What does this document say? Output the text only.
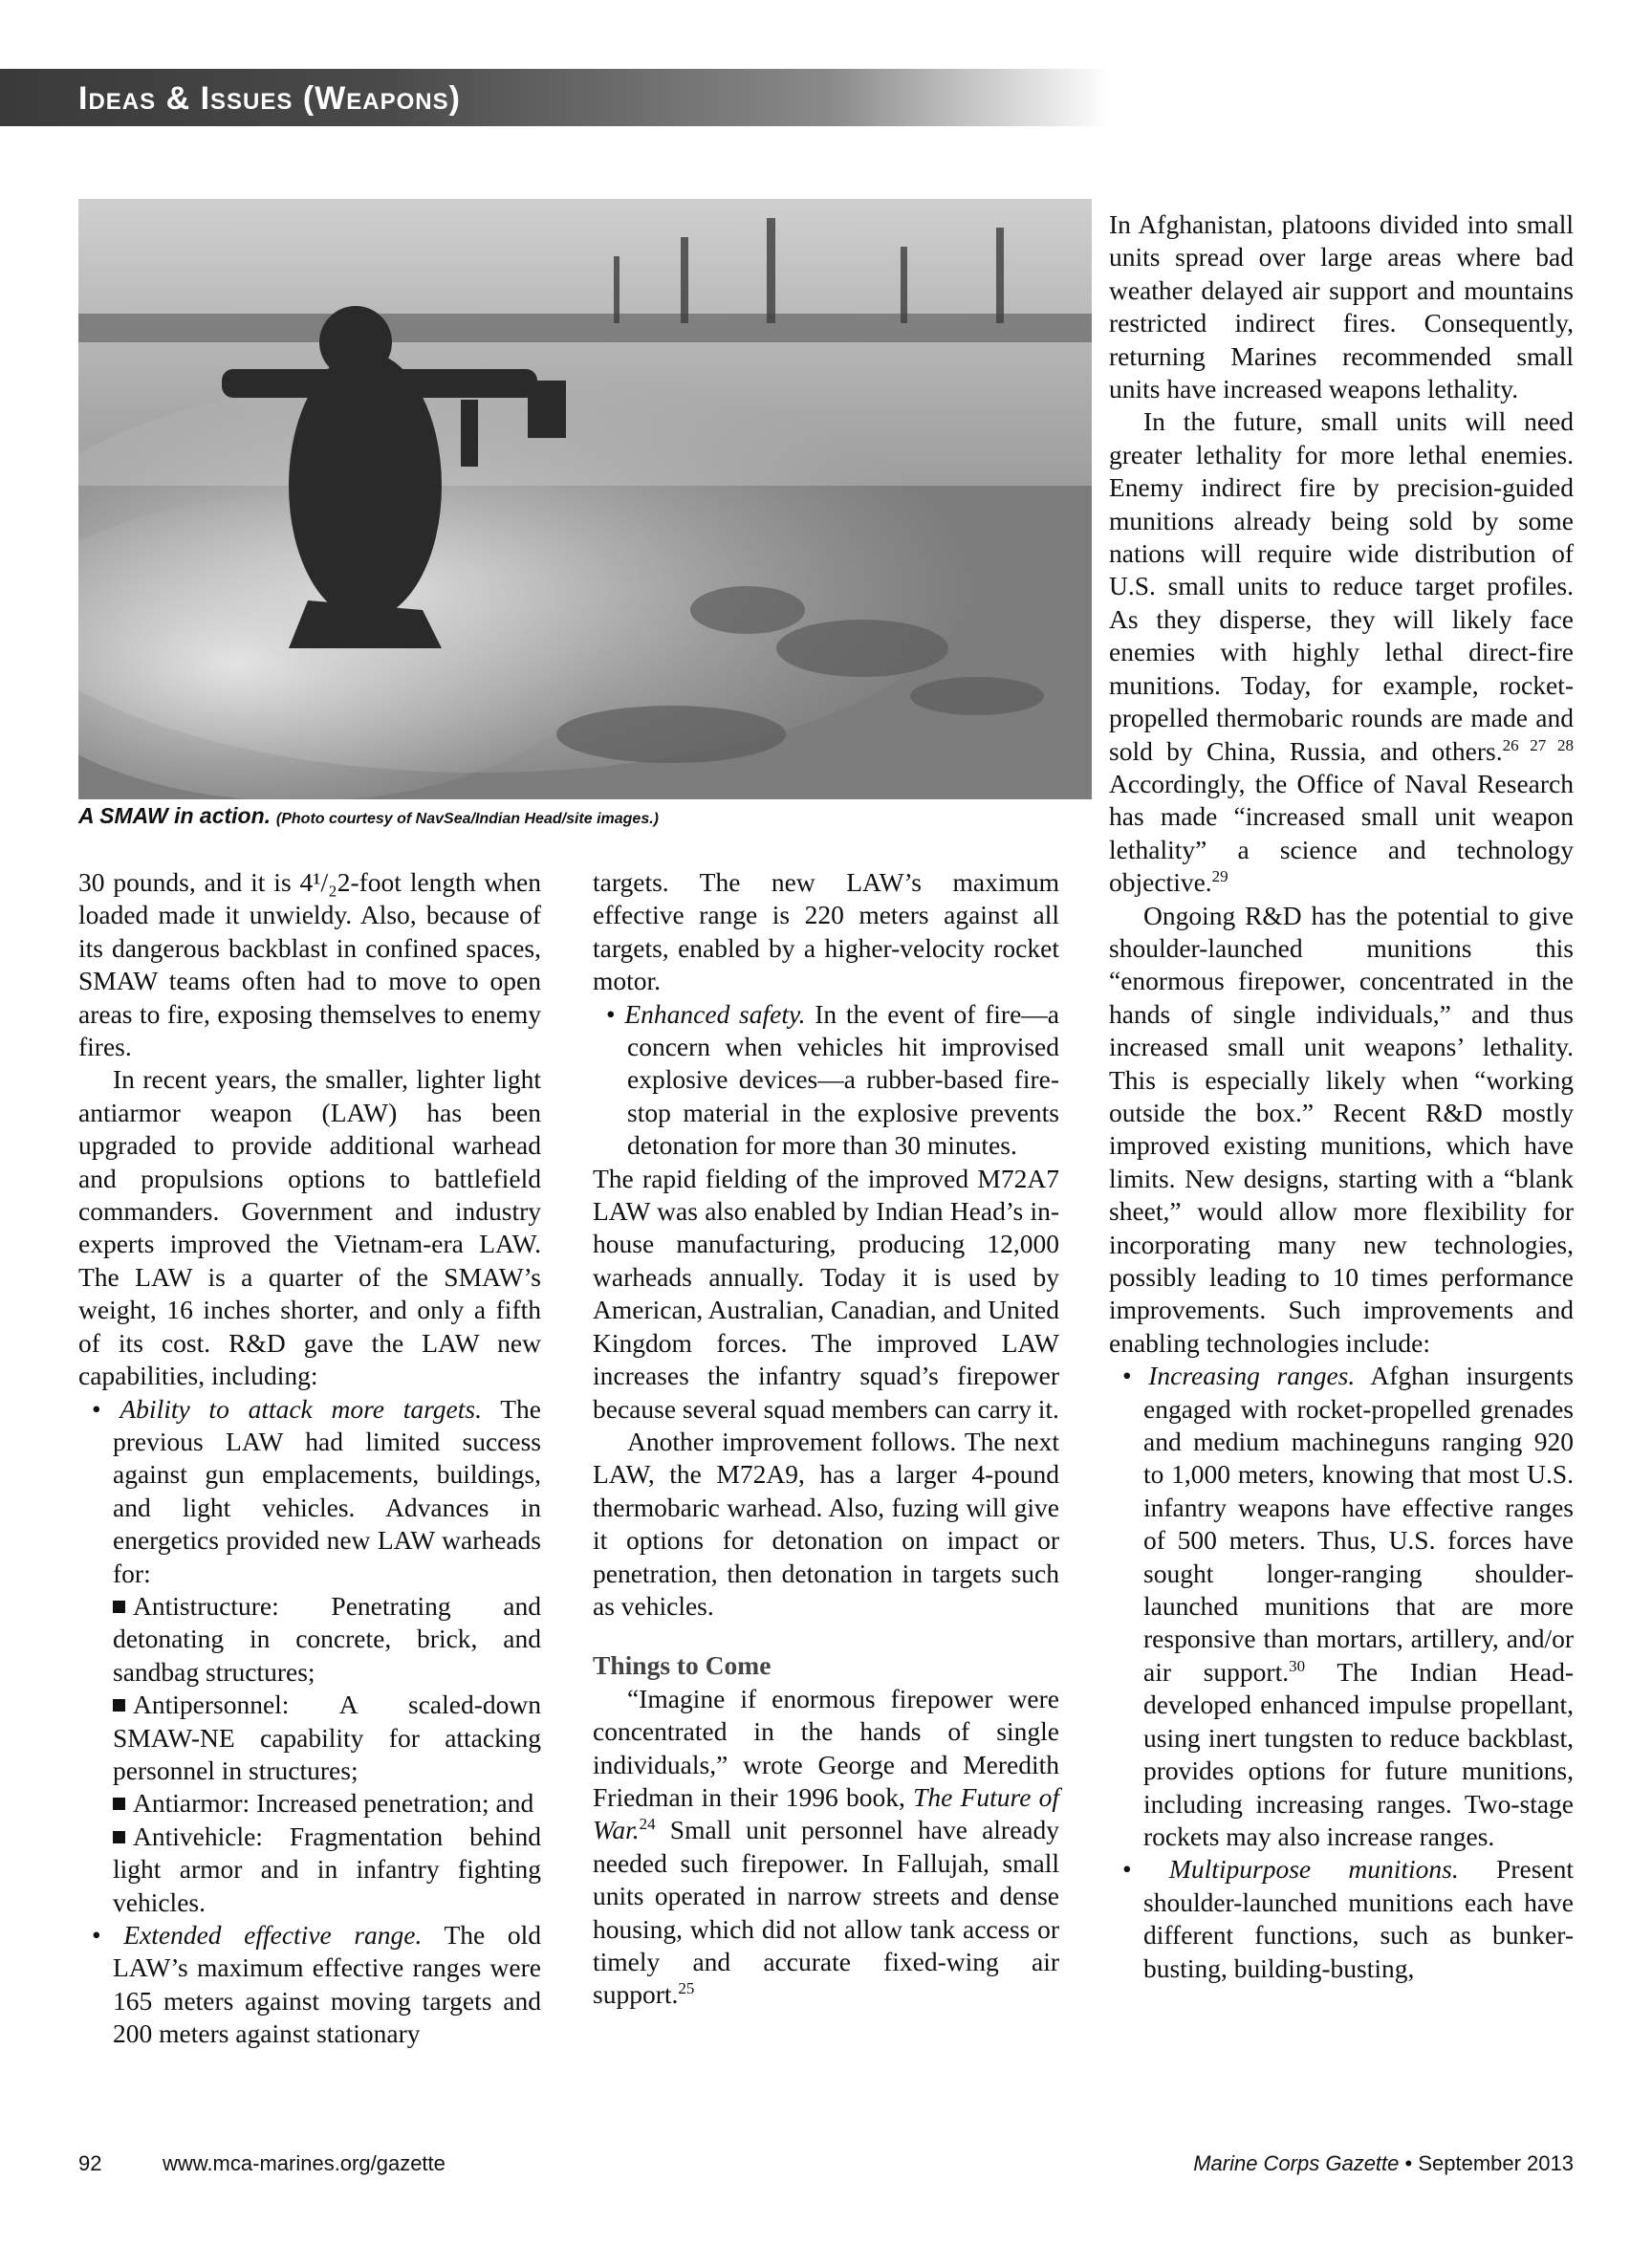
Ideas & Issues (Weapons)
A SMAW in action. (Photo courtesy of NavSea/Indian Head/site images.)

30 pounds, and it is 4¹/₂2-foot length when loaded made it unwieldy. Also, because of its dangerous backblast in confined spaces, SMAW teams often had to move to open areas to fire, exposing themselves to enemy fires.

In recent years, the smaller, lighter light antiarmor weapon (LAW) has been upgraded to provide additional warhead and propulsions options to battlefield commanders. Government and industry experts improved the Vietnam-era LAW. The LAW is a quarter of the SMAW’s weight, 16 inches shorter, and only a fifth of its cost. R&D gave the LAW new capabilities, including:

• Ability to attack more targets. The previous LAW had limited success against gun emplacements, buildings, and light vehicles. Advances in energetics provided new LAW warheads for:

Antistructure: Penetrating and detonating in concrete, brick, and sandbag structures;

Antipersonnel: A scaled-down SMAW-NE capability for attacking personnel in structures;

Antiarmor: Increased penetration; and

Antivehicle: Fragmentation behind light armor and in infantry fighting vehicles.

• Extended effective range. The old LAW’s maximum effective ranges were 165 meters against moving targets and 200 meters against stationary

targets. The new LAW’s maximum effective range is 220 meters against all targets, enabled by a higher-velocity rocket motor.

• Enhanced safety. In the event of fire—a concern when vehicles hit improvised explosive devices—a rubber-based fire-stop material in the explosive prevents detonation for more than 30 minutes.

The rapid fielding of the improved M72A7 LAW was also enabled by Indian Head’s in-house manufacturing, producing 12,000 warheads annually. Today it is used by American, Australian, Canadian, and United Kingdom forces. The improved LAW increases the infantry squad’s firepower because several squad members can carry it.

Another improvement follows. The next LAW, the M72A9, has a larger 4-pound thermobaric warhead. Also, fuzing will give it options for detonation on impact or penetration, then detonation in targets such as vehicles.

Things to Come

“Imagine if enormous firepower were concentrated in the hands of single individuals,” wrote George and Meredith Friedman in their 1996 book, The Future of War.$^{24}$ Small unit personnel have already needed such firepower. In Fallujah, small units operated in narrow streets and dense housing, which did not allow tank access or timely and accurate fixed-wing air support.$^{25}$

In Afghanistan, platoons divided into small units spread over large areas where bad weather delayed air support and mountains restricted indirect fires. Consequently, returning Marines recommended small units have increased weapons lethality.

In the future, small units will need greater lethality for more lethal enemies. Enemy indirect fire by precision-guided munitions already being sold by some nations will require wide distribution of U.S. small units to reduce target profiles. As they disperse, they will likely face enemies with highly lethal direct-fire munitions. Today, for example, rocket-propelled thermobaric rounds are made and sold by China, Russia, and others.$^{26 27 28}$ Accordingly, the Office of Naval Research has made “increased small unit weapon lethality” a science and technology objective.$^{29}$

Ongoing R&D has the potential to give shoulder-launched munitions this “enormous firepower, concentrated in the hands of single individuals,” and thus increased small unit weapons’ lethality. This is especially likely when “working outside the box.” Recent R&D mostly improved existing munitions, which have limits. New designs, starting with a “blank sheet,” would allow more flexibility for incorporating many new technologies, possibly leading to 10 times performance improvements. Such improvements and enabling technologies include:

• Increasing ranges. Afghan insurgents engaged with rocket-propelled grenades and medium machineguns ranging 920 to 1,000 meters, knowing that most U.S. infantry weapons have effective ranges of 500 meters. Thus, U.S. forces have sought longer-ranging shoulder-launched munitions that are more responsive than mortars, artillery, and/or air support.$^{30}$ The Indian Head-developed enhanced impulse propellant, using inert tungsten to reduce backblast, provides options for future munitions, including increasing ranges. Two-stage rockets may also increase ranges.

• Multipurpose munitions. Present shoulder-launched munitions each have different functions, such as bunker-busting, building-busting,

92	www.mca-marines.org/gazette	Marine Corps Gazette • September 2013
